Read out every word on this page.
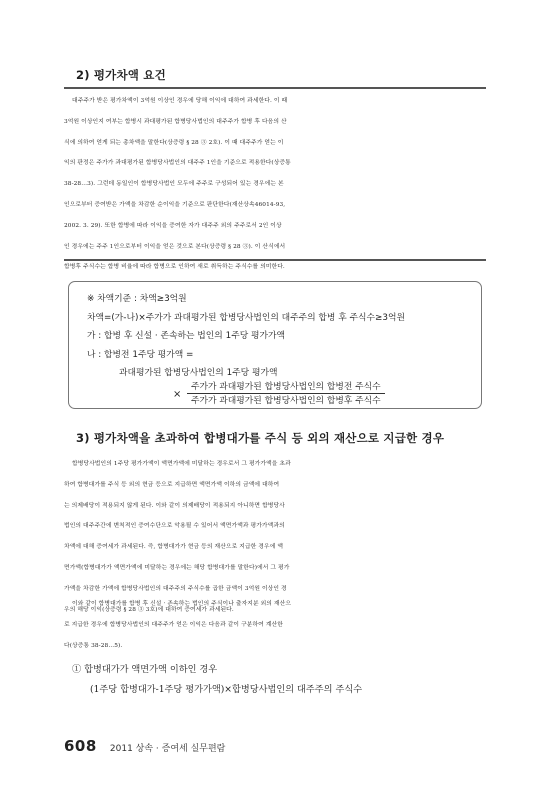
2) 평가차액 요건
대주주가 받은 평가차액이 3억원 이상인 경우에 당해 이익에 대하여 과세한다. 이 때
3억원 이상인지 여부는 합병시 과대평가된 합병당사법인의 대주주가 합병 후 다음의 산
식에 의하여 얻게 되는 총차액을 말한다(상증령 § 28 ③ 2호). 이 때 대주주가 얻는 이
익의 판정은 주가가 과대평가된 합병당사법인의 대주주 1인을 기준으로 적용한다(상증통
38-28…3). 그런데 동일인이 합병당사법인 모두에 주주로 구성되어 있는 경우에는 본
인으로부터 증여받은 가액을 차감한 순이익을 기준으로 판단한다(재산상속46014-93,
2002. 3. 29). 또한 합병에 따라 이익을 증여한 자가 대주주 외의 주주로서 2인 이상
인 경우에는 주주 1인으로부터 이익을 얻은 것으로 본다(상증령 § 28 ③). 이 산식에서
합병후 주식수는 합병 비율에 따라 합병으로 인하여 새로 취득하는 주식수를 의미한다.
※ 차액기준 : 차액≥3억원
차액=(가-나)×주가가 과대평가된 합병당사법인의 대주주의 합병 후 주식수≥3억원
가 : 합병 후 신설 · 존속하는 법인의 1주당 평가가액
나 : 합병전 1주당 평가액 =
과대평가된 합병당사법인의 1주당 평가액
×
주가가 과대평가된 합병당사법인의 합병전 주식수
주가가 과대평가된 합병당사법인의 합병후 주식수
3) 평가차액을 초과하여 합병대가를 주식 등 외의 재산으로 지급한 경우
합병당사법인의 1주당 평가가액이 액면가액에 미달하는 경우로서 그 평가가액을 초과
하여 합병대가를 주식 등 외의 현금 등으로 지급하면 액면가액 이하의 금액에 대하여
는 의제배당이 적용되지 않게 된다. 이와 같이 의제배당이 적용되지 아니하면 합병당사
법인의 대주주간에 변칙적인 증여수단으로 악용될 수 있어서 액면가액과 평가가액과의
차액에 대해 증여세가 과세된다. 즉, 합병대가가 현금 등의 재산으로 지급한 경우에 액
면가액(합병대가가 액면가액에 미달하는 경우에는 해당 합병대가를 말한다)에서 그 평가
가액을 차감한 가액에 합병당사법인의 대주주의 주식수를 곱한 금액이 3억원 이상인 경
우의 해당 이익(상증령 § 28 ③ 3호)에 대하여 증여세가 과세된다.
이와 같이 합병대가를 합병 후 신설 · 존속하는 법인의 주식이나 출자지분 외의 재산으
로 지급한 경우에 합병당사법인의 대주주가 얻은 이익은 다음과 같이 구분하여 계산한
다(상증통 38-28…5).
① 합병대가가 액면가액 이하인 경우
(1주당 합병대가-1주당 평가가액)×합병당사법인의 대주주의 주식수
608 2011 상속 · 증여세 실무편람
